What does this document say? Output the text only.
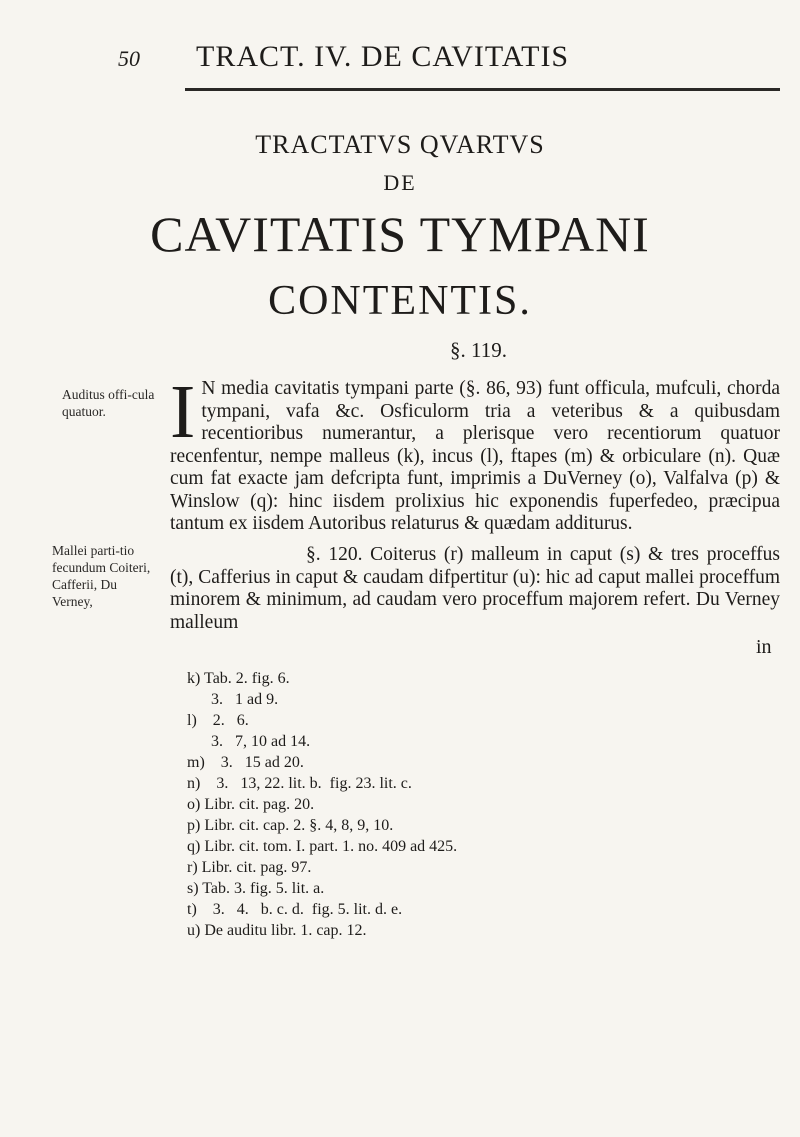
50 TRACT. IV. DE CAVITATIS
TRACTATVS QVARTVS
DE
CAVITATIS TYMPANI
CONTENTIS.
§. 119.
Auditus offi-cula quatuor.
Mallei parti-tio fecundum Coiteri, Cafferii, Du Verney,
I N media cavitatis tympani parte (§. 86, 93) funt officula, mufculi, chorda tympani, vafa &c. Osficulorm tria a veteribus & a quibusdam recentioribus numerantur, a plerisque vero recentiorum quatuor recenfentur, nempe malleus (k), incus (l), ftapes (m) & orbiculare (n). Quæ cum fat exacte jam defcripta funt, imprimis a DuVerney (o), Valfalva (p) & Winslow (q): hinc iisdem prolixius hic exponendis fuperfedeo, præcipua tantum ex iisdem Autoribus relaturus & quædam additurus.

§. 120. Coiterus (r) malleum in caput (s) & tres proceffus (t), Cafferius in caput & caudam difpertitur (u): hic ad caput mallei proceffum minorem & minimum, ad caudam vero proceffum majorem refert. Du Verney malleum

in
k) Tab. 2. fig. 6.
3.   1 ad 9.
l)    2.   6.
3.   7, 10 ad 14.
m)    3.   15 ad 20.
n)    3.   13, 22. lit. b.  fig. 23. lit. c.
o) Libr. cit. pag. 20.
p) Libr. cit. cap. 2. §. 4, 8, 9, 10.
q) Libr. cit. tom. I. part. 1. no. 409 ad 425.
r) Libr. cit. pag. 97.
s) Tab. 3. fig. 5. lit. a.
t)    3.   4.   b. c. d.  fig. 5. lit. d. e.
u) De auditu libr. 1. cap. 12.
